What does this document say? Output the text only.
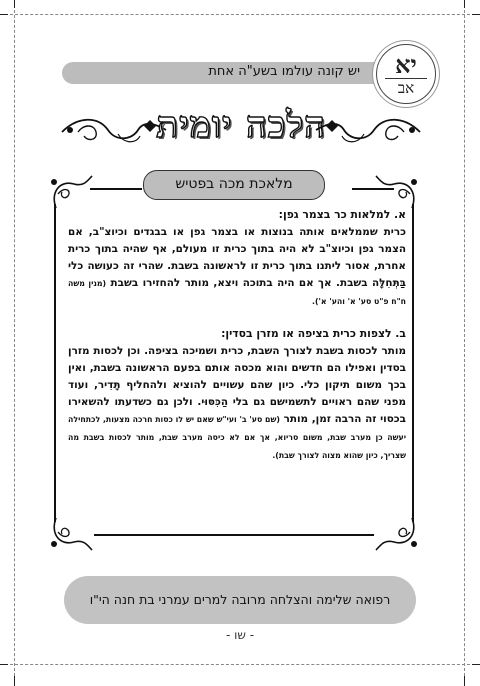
יש קונה עולמו בשע"ה אחת	יא
אב
הלכה יומית
מלאכת מכה בפטיש
א. למלאות כר בצמר גפן:

כרית שממלאים אותה בנוצות או בצמר גפן או בבגדים וכיוצ"ב, אם הצמר גפן וכיוצ"ב לא היה בתוך כרית זו מעולם, אף שהיה בתוך כרית אחרת, אסור ליתנו בתוך כרית זו לראשונה בשבת. שהרי זה כעושה כלי בַּתְּחִלָּה בשבת. אך אם היה בתוכה ויצא, מותר להחזירו בשבת (מנין משה ח"ח פ"ט סע' א' והע' א').

ב. לצפות כרית בציפה או מזרן בסדין:

מותר לכסות בשבת לצורך השבת, כרית ושמיכה בציפה. וכן לכסות מזרן בסדין ואפילו הם חדשים והוא מכסה אותם בפעם הראשונה בשבת, ואין בכך משום תיקון כלי. כיון שהם עשויים להוציא ולהחליף תָּדִיר, ועוד מפני שהם ראויים לתשמישם גם בלי הַכִּסּוּי. ולכן גם כשדעתו להשאירו בכסוי זה הרבה זמן, מותר (שם סע' ב' ועי"ש שאם יש לו כסות חרכה מצעות, לכתחילה יעשה כן מערב שבת, משום סריוא, אך אם לא כיסה מערב שבת, מותר לכסות בשבת מה שצריך, כיון שהוא מצוה לצורך שבת).

רפואה שלימה והצלחה מרובה למרים עמרני בת חנה הי"ו
- שו -
